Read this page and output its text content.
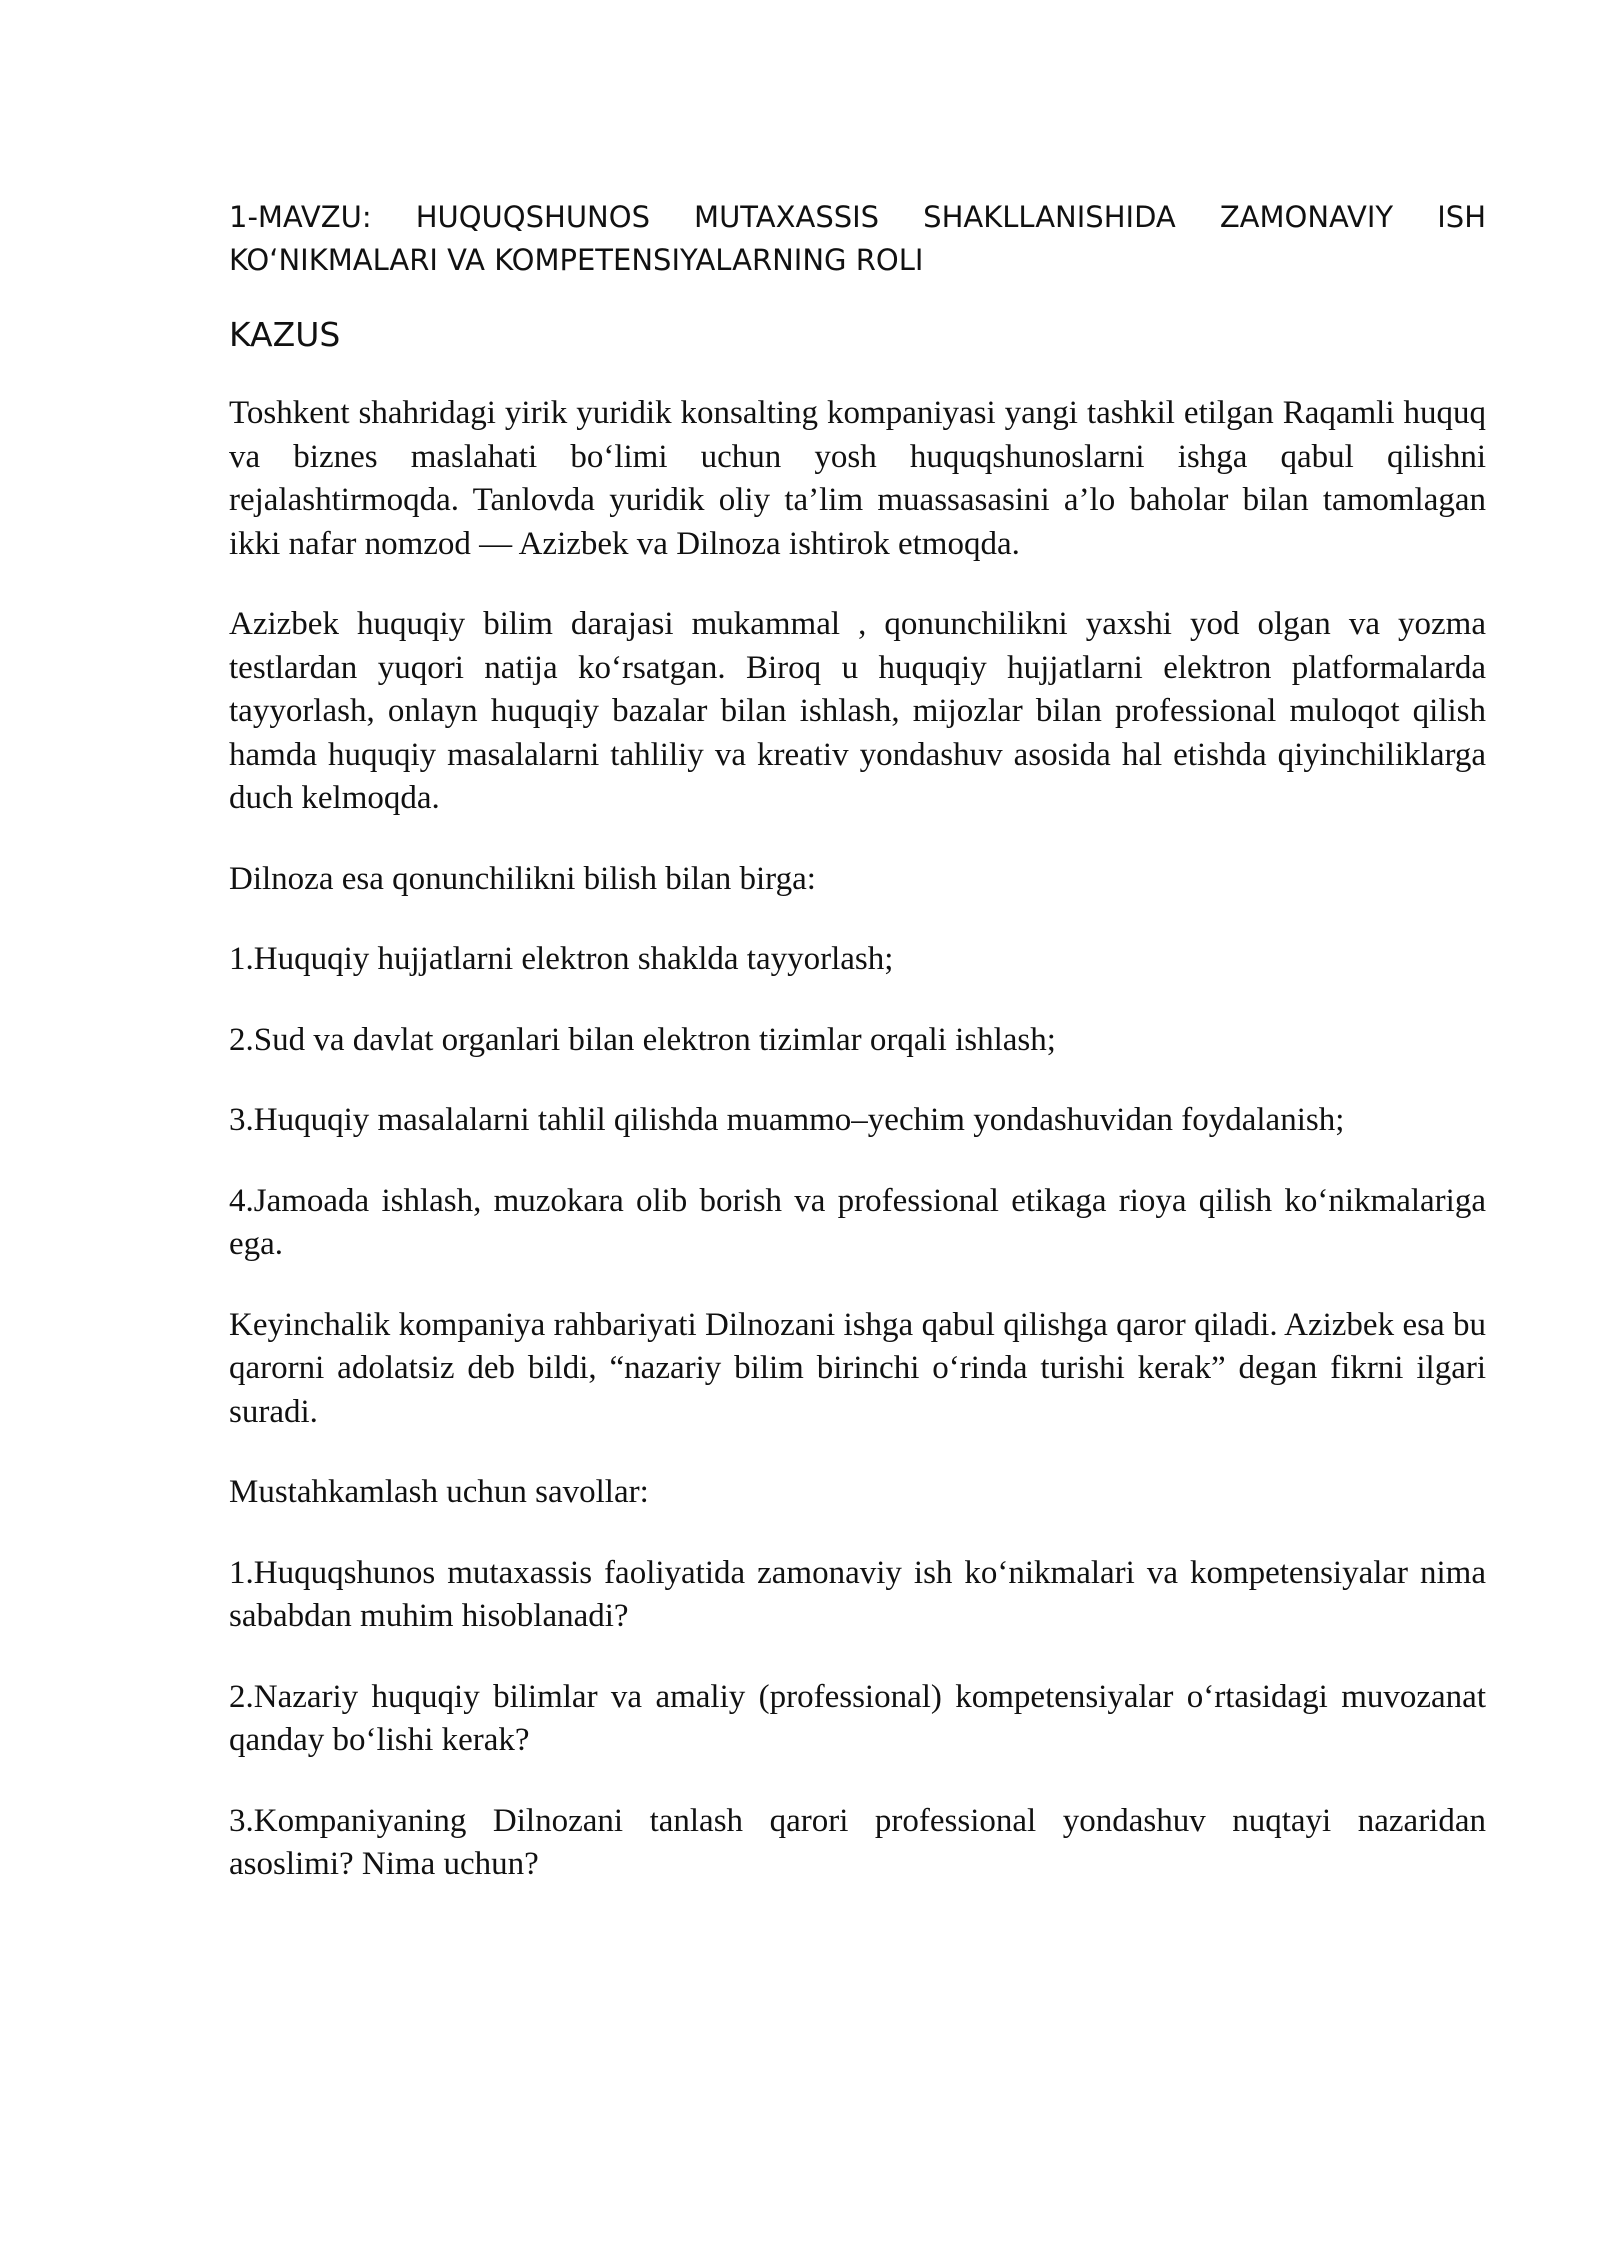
1-MAVZU: HUQUQSHUNOS MUTAXASSIS SHAKLLANISHIDA ZAMONAVIY ISH KOʻNIKMALARI VA KOMPETENSIYALARNING ROLI

KAZUS

Toshkent shahridagi yirik yuridik konsalting kompaniyasi yangi tashkil etilgan Raqamli huquq va biznes maslahati boʻlimi uchun yosh huquqshunoslarni ishga qabul qilishni rejalashtirmoqda. Tanlovda yuridik oliy ta’lim muassasasini a’lo baholar bilan tamomlagan ikki nafar nomzod — Azizbek va Dilnoza ishtirok etmoqda.

Azizbek huquqiy bilim darajasi mukammal , qonunchilikni yaxshi yod olgan va yozma testlardan yuqori natija koʻrsatgan. Biroq u huquqiy hujjatlarni elektron platformalarda tayyorlash, onlayn huquqiy bazalar bilan ishlash, mijozlar bilan professional muloqot qilish hamda huquqiy masalalarni tahliliy va kreativ yondashuv asosida hal etishda qiyinchiliklarga duch kelmoqda.

Dilnoza esa qonunchilikni bilish bilan birga:

1.Huquqiy hujjatlarni elektron shaklda tayyorlash;

2.Sud va davlat organlari bilan elektron tizimlar orqali ishlash;

3.Huquqiy masalalarni tahlil qilishda muammo–yechim yondashuvidan foydalanish;

4.Jamoada ishlash, muzokara olib borish va professional etikaga rioya qilish koʻnikmalariga ega.

Keyinchalik kompaniya rahbariyati Dilnozani ishga qabul qilishga qaror qiladi. Azizbek esa bu qarorni adolatsiz deb bildi, “nazariy bilim birinchi oʻrinda turishi kerak” degan fikrni ilgari suradi.

Mustahkamlash uchun savollar:

1.Huquqshunos mutaxassis faoliyatida zamonaviy ish koʻnikmalari va kompetensiyalar nima sababdan muhim hisoblanadi?

2.Nazariy huquqiy bilimlar va amaliy (professional) kompetensiyalar oʻrtasidagi muvozanat qanday boʻlishi kerak?

3.Kompaniyaning Dilnozani tanlash qarori professional yondashuv nuqtayi nazaridan asoslimi? Nima uchun?
